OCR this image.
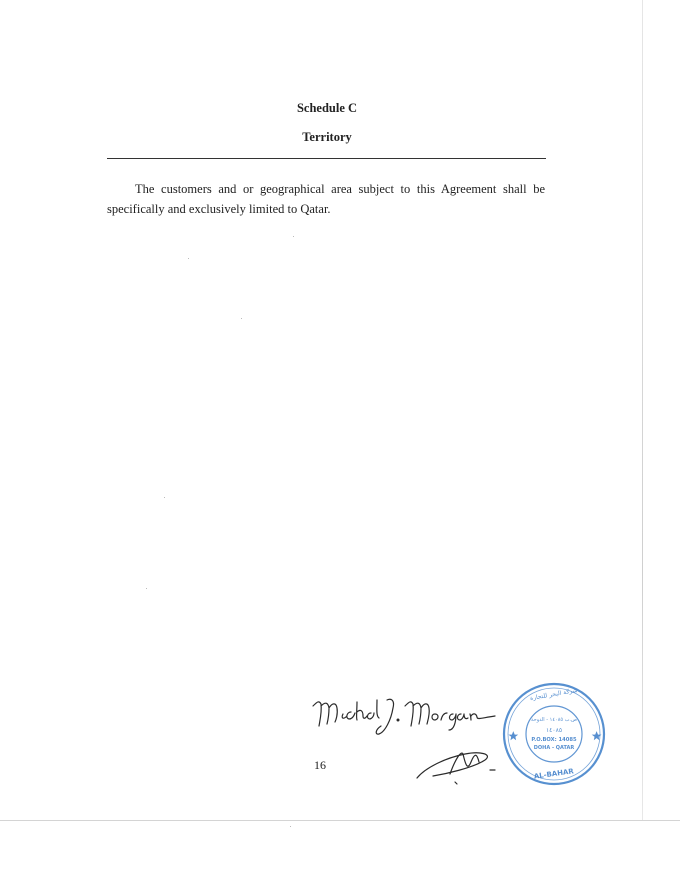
Schedule C
Territory

The customers and or geographical area subject to this Agreement shall be specifically and exclusively limited to Qatar.

Michael J. Morgan
16
ص.ب ١٤٠٨٥ - الدوحة
١٤٠٨٥
P.O.BOX: 14085
DOHA - QATAR
AL-BAHAR
شركة البحر للتجارة
